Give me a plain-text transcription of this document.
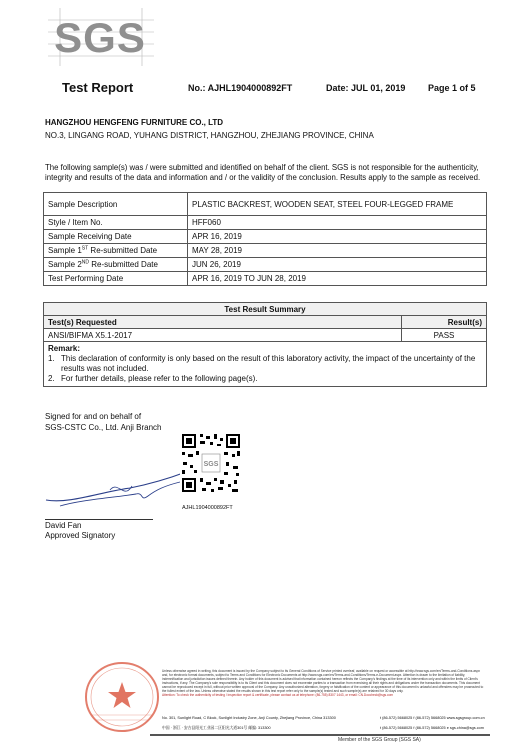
SGS
Test Report	No.: AJHL1904000892FT	Date: JUL 01, 2019	Page 1 of 5
HANGZHOU HENGFENG FURNITURE CO., LTD
NO.3, LINGANG ROAD, YUHANG DISTRICT, HANGZHOU, ZHEJIANG PROVINCE, CHINA
The following sample(s) was / were submitted and identified on behalf of the client. SGS is not responsible for the authenticity, integrity and results of the data and information and / or the validity of the conclusion. Results apply to the sample as received.
Sample Description	PLASTIC BACKREST, WOODEN SEAT, STEEL FOUR-LEGGED FRAME
Style / Item No.	HFF060
Sample Receiving Date	APR 16, 2019
Sample 1ST Re-submitted Date	MAY 28, 2019
Sample 2ND Re-submitted Date	JUN 26, 2019
Test Performing Date	APR 16, 2019 TO JUN 28, 2019
Test Result Summary	
Test(s) Requested	Result(s)
ANSI/BIFMA X5.1-2017	PASS

Remark:
1. This declaration of conformity is only based on the result of this laboratory activity, the impact of the uncertainty of the results was not included.
2. For further details, please refer to the following page(s).	
Signed for and on behalf of
SGS-CSTC Co., Ltd. Anji Branch
David Fan
Approved Signatory
SGS
AJHL1904000892FT
Unless otherwise agreed in writing, this document is issued by the Company subject to its General Conditions of Service printed overleaf, available on request or accessible at http://www.sgs.com/en/Terms-and-Conditions.aspx and, for electronic format documents, subject to Terms and Conditions for Electronic Documents at http://www.sgs.com/en/Terms-and-Conditions/Terms-e-Document.aspx. Attention is drawn to the limitation of liability, indemnification and jurisdiction issues defined therein. Any holder of this document is advised that information contained hereon reflects the Company's findings at the time of its intervention only and within the limits of Client's instructions, if any. The Company's sole responsibility is to its Client and this document does not exonerate parties to a transaction from exercising all their rights and obligations under the transaction documents. This document cannot be reproduced except in full, without prior written approval of the Company. Any unauthorized alteration, forgery or falsification of the content or appearance of this document is unlawful and offenders may be prosecuted to the fullest extent of the law. Unless otherwise stated the results shown in this test report refer only to the sample(s) tested and such sample(s) are retained for 30 days only.
Attention: To check the authenticity of testing / inspection report & certificate, please contact us at telephone: (86-755) 8307 1443, or email: CN.Doccheck@sgs.com
No. 301, Sunlight Road, C Block, Sunlight Industry Zone, Anji County, Zhejiang Province, China 313300
中国 · 浙江 · 安吉县阳光工业园二区阳光大道301号 邮编: 313300
t (86-572) 5668025 f (86-572) 5668025 www.sgsgroup.com.cn
t (86-572) 5668025 f (86-572) 5668025 e sgs.china@sgs.com
Member of the SGS Group (SGS SA)
